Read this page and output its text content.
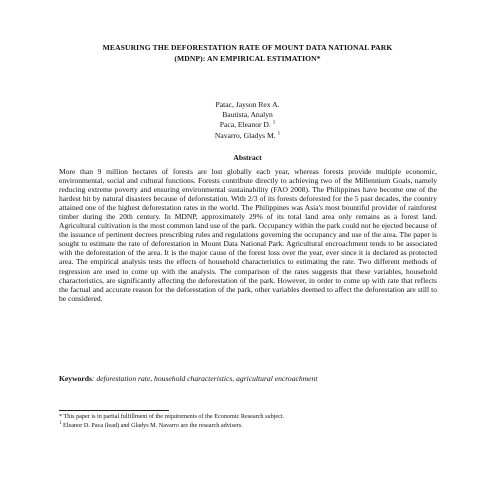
MEASURING THE DEFORESTATION RATE OF MOUNT DATA NATIONAL PARK
(MDNP): AN EMPIRICAL ESTIMATION*
Patac, Jayson Rex A.
Bautista, Analyn
Paca, Eleanor D. $^1$
Navarro, Gladys M. $^1$
Abstract
More than 9 million hectares of forests are lost globally each year, whereas forests provide multiple economic, environmental, social and cultural functions. Forests contribute directly to achieving two of the Millennium Goals, namely reducing extreme poverty and ensuring environmental sustainability (FAO 2008). The Philippines have become one of the hardest hit by natural disasters because of deforestation. With 2/3 of its forests deforested for the 5 past decades, the country attained one of the highest deforestation rates in the world. The Philippines was Asia's most bountiful provider of rainforest timber during the 20th century. In MDNP, approximately 29% of its total land area only remains as a forest land. Agricultural cultivation is the most common land use of the park. Occupancy within the park could not be ejected because of the issuance of pertinent decrees prescribing rules and regulations governing the occupancy and use of the area. The paper is sought to estimate the rate of deforestation in Mount Data National Park. Agricultural encroachment tends to be associated with the deforestation of the area. It is the major cause of the forest loss over the year, ever since it is declared as protected area. The empirical analysis tests the effects of household characteristics to estimating the rate. Two different methods of regression are used to come up with the analysis. The comparison of the rates suggests that these variables, household characteristics, are significantly affecting the deforestation of the park. However, in order to come up with rate that reflects the factual and accurate reason for the deforestation of the park, other variables deemed to affect the deforestation are still to be considered.
Keywords: deforestation rate, household characteristics, agricultural encroachment
* This paper is in partial fulfillment of the requirements of the Economic Research subject.
$^1$ Eleanor D. Paca (lead) and Gladys M. Navarro are the research advisers.
